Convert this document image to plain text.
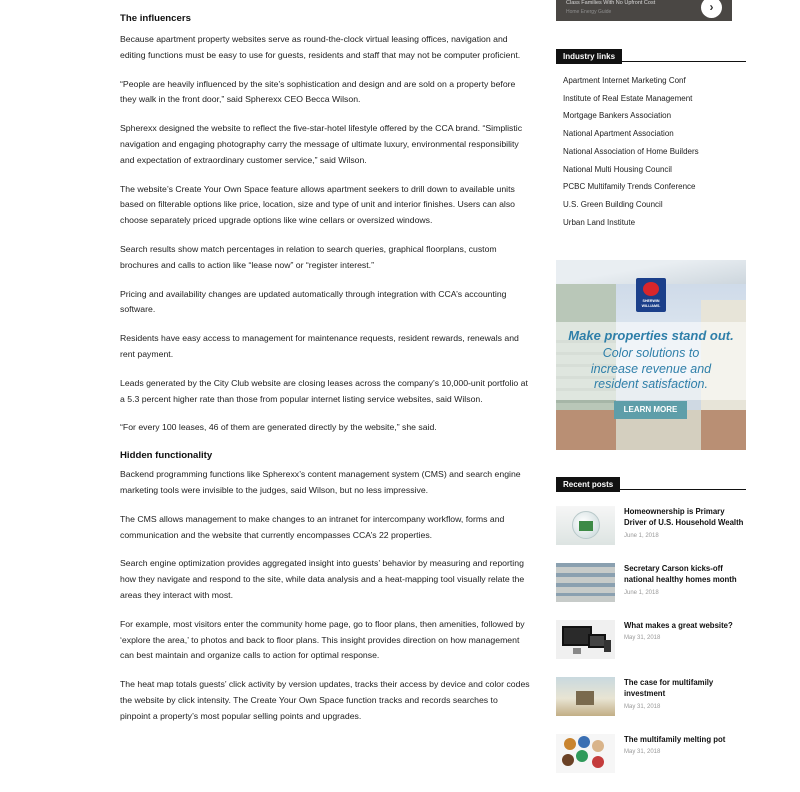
The influencers

Because apartment property websites serve as round-the-clock virtual leasing offices, navigation and editing functions must be easy to use for guests, residents and staff that may not be computer proficient.

“People are heavily influenced by the site’s sophistication and design and are sold on a property before they walk in the front door,” said Spherexx CEO Becca Wilson.

Spherexx designed the website to reflect the five-star-hotel lifestyle offered by the CCA brand. “Simplistic navigation and engaging photography carry the message of ultimate luxury, environmental responsibility and expectation of extraordinary customer service,” said Wilson.

The website’s Create Your Own Space feature allows apartment seekers to drill down to available units based on filterable options like price, location, size and type of unit and interior finishes. Users can also choose separately priced upgrade options like wine cellars or oversized windows.

Search results show match percentages in relation to search queries, graphical floorplans, custom brochures and calls to action like “lease now” or “register interest.”

Pricing and availability changes are updated automatically through integration with CCA’s accounting software.

Residents have easy access to management for maintenance requests, resident rewards, renewals and rent payment.

Leads generated by the City Club website are closing leases across the company’s 10,000-unit portfolio at a 5.3 percent higher rate than those from popular internet listing service websites, said Wilson.

“For every 100 leases, 46 of them are generated directly by the website,” she said.

Hidden functionality

Backend programming functions like Spherexx’s content management system (CMS) and search engine marketing tools were invisible to the judges, said Wilson, but no less impressive.

The CMS allows management to make changes to an intranet for intercompany workflow, forms and communication and the website that currently encompasses CCA’s 22 properties.

Search engine optimization provides aggregated insight into guests’ behavior by measuring and reporting how they navigate and respond to the site, while data analysis and a heat-mapping tool visually relate the areas they interact with most.

For example, most visitors enter the community home page, go to floor plans, then amenities, followed by ‘explore the area,’ to photos and back to floor plans. This insight provides direction on how management can best maintain and organize calls to action for optimal response.

The heat map totals guests’ click activity by version updates, tracks their access by device and color codes the website by click intensity. The Create Your Own Space function tracks and records searches to pinpoint a property’s most popular selling points and upgrades.

Class Families With No Upfront Cost
Home Energy Guide	›
Industry links
Apartment Internet Marketing Conf
Institute of Real Estate Management
Mortgage Bankers Association
National Apartment Association
National Association of Home Builders
National Multi Housing Council
PCBC Multifamily Trends Conference
U.S. Green Building Council
Urban Land Institute
SHERWIN WILLIAMS.
Make properties stand out.
Color solutions to
increase revenue and
resident satisfaction.
LEARN MORE
Recent posts
Homeownership is Primary Driver of U.S. Household Wealth
June 1, 2018
Secretary Carson kicks-off national healthy homes month
June 1, 2018
What makes a great website?
May 31, 2018
The case for multifamily investment
May 31, 2018
The multifamily melting pot
May 31, 2018
